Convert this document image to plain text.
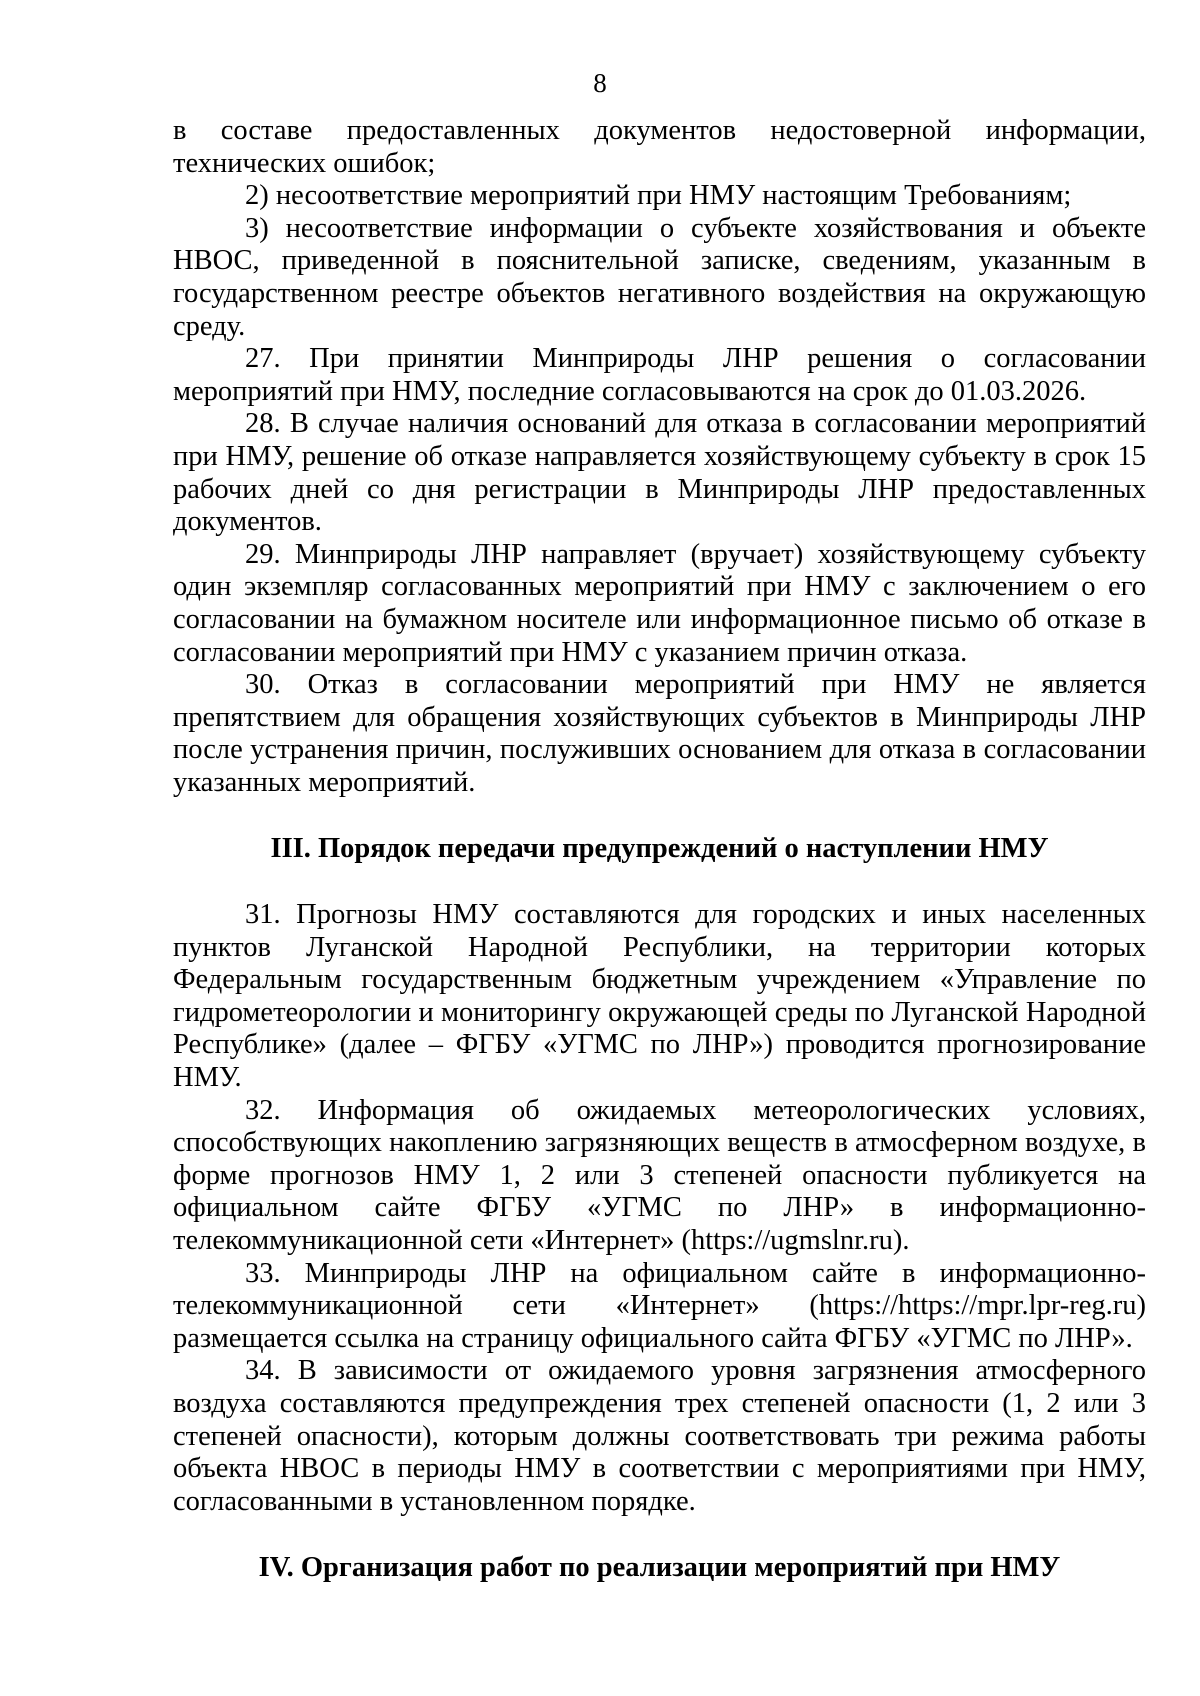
8

в составе предоставленных документов недостоверной информации, технических ошибок;

2) несоответствие мероприятий при НМУ настоящим Требованиям;

3) несоответствие информации о субъекте хозяйствования и объекте НВОС, приведенной в пояснительной записке, сведениям, указанным в государственном реестре объектов негативного воздействия на окружающую среду.

27. При принятии Минприроды ЛНР решения о согласовании мероприятий при НМУ, последние согласовываются на срок до 01.03.2026.

28. В случае наличия оснований для отказа в согласовании мероприятий при НМУ, решение об отказе направляется хозяйствующему субъекту в срок 15 рабочих дней со дня регистрации в Минприроды ЛНР предоставленных документов.

29. Минприроды ЛНР направляет (вручает) хозяйствующему субъекту один экземпляр согласованных мероприятий при НМУ с заключением о его согласовании на бумажном носителе или информационное письмо об отказе в согласовании мероприятий при НМУ с указанием причин отказа.

30. Отказ в согласовании мероприятий при НМУ не является препятствием для обращения хозяйствующих субъектов в Минприроды ЛНР после устранения причин, послуживших основанием для отказа в согласовании указанных мероприятий.

III. Порядок передачи предупреждений о наступлении НМУ

31. Прогнозы НМУ составляются для городских и иных населенных пунктов Луганской Народной Республики, на территории которых Федеральным государственным бюджетным учреждением «Управление по гидрометеорологии и мониторингу окружающей среды по Луганской Народной Республике» (далее – ФГБУ «УГМС по ЛНР») проводится прогнозирование НМУ.

32. Информация об ожидаемых метеорологических условиях, способствующих накоплению загрязняющих веществ в атмосферном воздухе, в форме прогнозов НМУ 1, 2 или 3 степеней опасности публикуется на официальном сайте ФГБУ «УГМС по ЛНР» в информационно-телекоммуникационной сети «Интернет» (https://ugmslnr.ru).

33. Минприроды ЛНР на официальном сайте в информационно-телекоммуникационной сети «Интернет» (https://https://mpr.lpr-reg.ru) размещается ссылка на страницу официального сайта ФГБУ «УГМС по ЛНР».

34. В зависимости от ожидаемого уровня загрязнения атмосферного воздуха составляются предупреждения трех степеней опасности (1, 2 или 3 степеней опасности), которым должны соответствовать три режима работы объекта НВОС в периоды НМУ в соответствии с мероприятиями при НМУ, согласованными в установленном порядке.

IV. Организация работ по реализации мероприятий при НМУ
